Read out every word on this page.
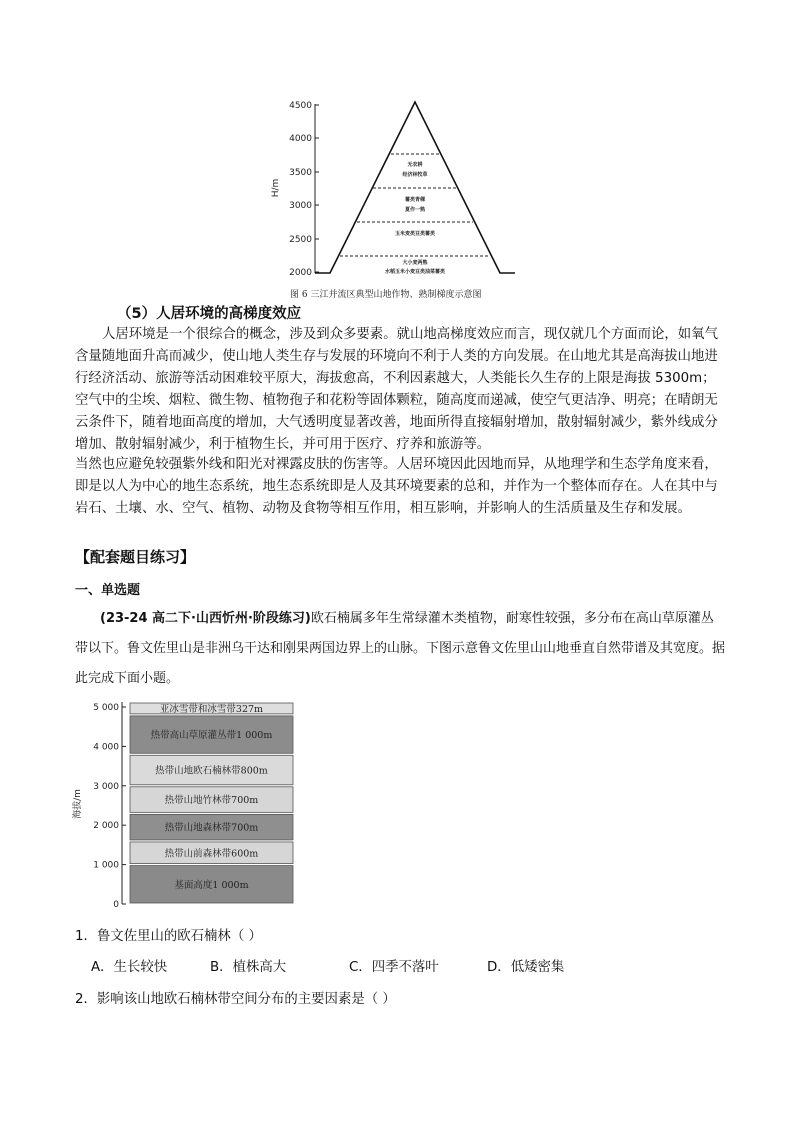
4500
4000
3500
3000
2500
2000
H/m
无农耕
经济林牧草
薯类青稞
夏作一熟
玉米麦类豆类薯类
大小麦两熟
水稻玉米小麦豆类油菜薯类
图 6 三江并流区典型山地作物、熟制梯度示意图
（5）人居环境的高梯度效应
人居环境是一个很综合的概念，涉及到众多要素。就山地高梯度效应而言，现仅就几个方面而论，如氧气含量随地面升高而减少，使山地人类生存与发展的环境向不利于人类的方向发展。在山地尤其是高海拔山地进行经济活动、旅游等活动困难较平原大，海拔愈高，不利因素越大，人类能长久生存的上限是海拔 5300m；空气中的尘埃、烟粒、微生物、植物孢子和花粉等固体颗粒，随高度而递减，使空气更洁净、明亮；在晴朗无云条件下，随着地面高度的增加，大气透明度显著改善，地面所得直接辐射增加，散射辐射减少，紫外线成分增加、散射辐射减少，利于植物生长，并可用于医疗、疗养和旅游等。
当然也应避免较强紫外线和阳光对裸露皮肤的伤害等。人居环境因此因地而异，从地理学和生态学角度来看，即是以人为中心的地生态系统，地生态系统即是人及其环境要素的总和，并作为一个整体而存在。人在其中与岩石、土壤、水、空气、植物、动物及食物等相互作用，相互影响，并影响人的生活质量及生存和发展。
【配套题目练习】
一、单选题
(23-24 高二下·山西忻州·阶段练习)欧石楠属多年生常绿灌木类植物，耐寒性较强，多分布在高山草原灌丛带以下。鲁文佐里山是非洲乌干达和刚果两国边界上的山脉。下图示意鲁文佐里山山地垂直自然带谱及其宽度。据此完成下面小题。
0
1 000
2 000
3 000
4 000
5 000
海拔/m
基面高度1 000m
热带山前森林带600m
热带山地森林带700m
热带山地竹林带700m
热带山地欧石楠林带800m
热带高山草原灌丛带1 000m
亚冰雪带和冰雪带327m
1．鲁文佐里山的欧石楠林（ ）
A．生长较快	B．植株高大	C．四季不落叶	D．低矮密集
2．影响该山地欧石楠林带空间分布的主要因素是（ ）
